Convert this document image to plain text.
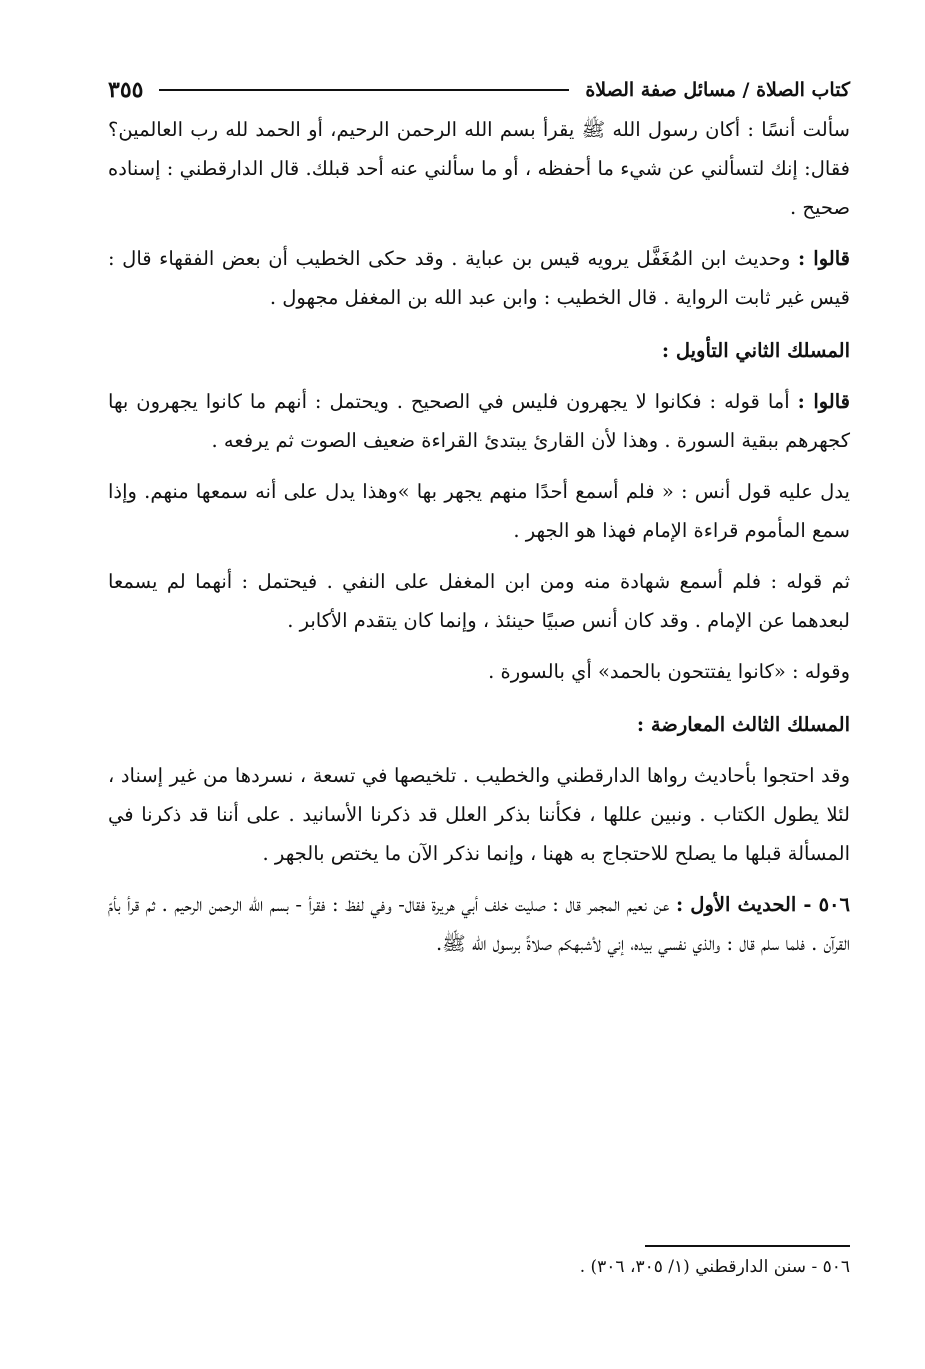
كتاب الصلاة / مسائل صفة الصلاة
٣٥٥

سألت أنسًا : أكان رسول الله ﷺ يقرأ بسم الله الرحمن الرحيم، أو الحمد لله رب العالمين؟ فقال: إنك لتسألني عن شيء ما أحفظه ، أو ما سألني عنه أحد قبلك. قال الدارقطني : إسناده صحيح .

قالوا : وحديث ابن المُغَفَّل يرويه قيس بن عباية . وقد حكى الخطيب أن بعض الفقهاء قال : قيس غير ثابت الرواية . قال الخطيب : وابن عبد الله بن المغفل مجهول .

المسلك الثاني التأويل :

قالوا : أما قوله : فكانوا لا يجهرون فليس في الصحيح . ويحتمل : أنهم ما كانوا يجهرون بها كجهرهم ببقية السورة . وهذا لأن القارئ يبتدئ القراءة ضعيف الصوت ثم يرفعه .

يدل عليه قول أنس : « فلم أسمع أحدًا منهم يجهر بها »وهذا يدل على أنه سمعها منهم. وإذا سمع المأموم قراءة الإمام فهذا هو الجهر .

ثم قوله : فلم أسمع شهادة منه ومن ابن المغفل على النفي . فيحتمل : أنهما لم يسمعا لبعدهما عن الإمام . وقد كان أنس صبيًا حينئذ ، وإنما كان يتقدم الأكابر .

وقوله : «كانوا يفتتحون بالحمد» أي بالسورة .

المسلك الثالث المعارضة :

وقد احتجوا بأحاديث رواها الدارقطني والخطيب . تلخيصها في تسعة ، نسردها من غير إسناد ، لئلا يطول الكتاب . ونبين عللها ، فكأننا بذكر العلل قد ذكرنا الأسانيد . على أننا قد ذكرنا في المسألة قبلها ما يصلح للاحتجاج به ههنا ، وإنما نذكر الآن ما يختص بالجهر .

٥٠٦ - الحديث الأول : عن نعيم المجمر قال : صليت خلف أبي هريرة فقال- وفي لفظ : فقرأ - بسم الله الرحمن الرحيم . ثم قرأ بأمّ القرآن . فلما سلم قال : والذي نفسي بيده، إني لأشبهكم صلاةً برسول الله ﷺ.

٥٠٦ - سنن الدارقطني (١/ ٣٠٥، ٣٠٦) .
